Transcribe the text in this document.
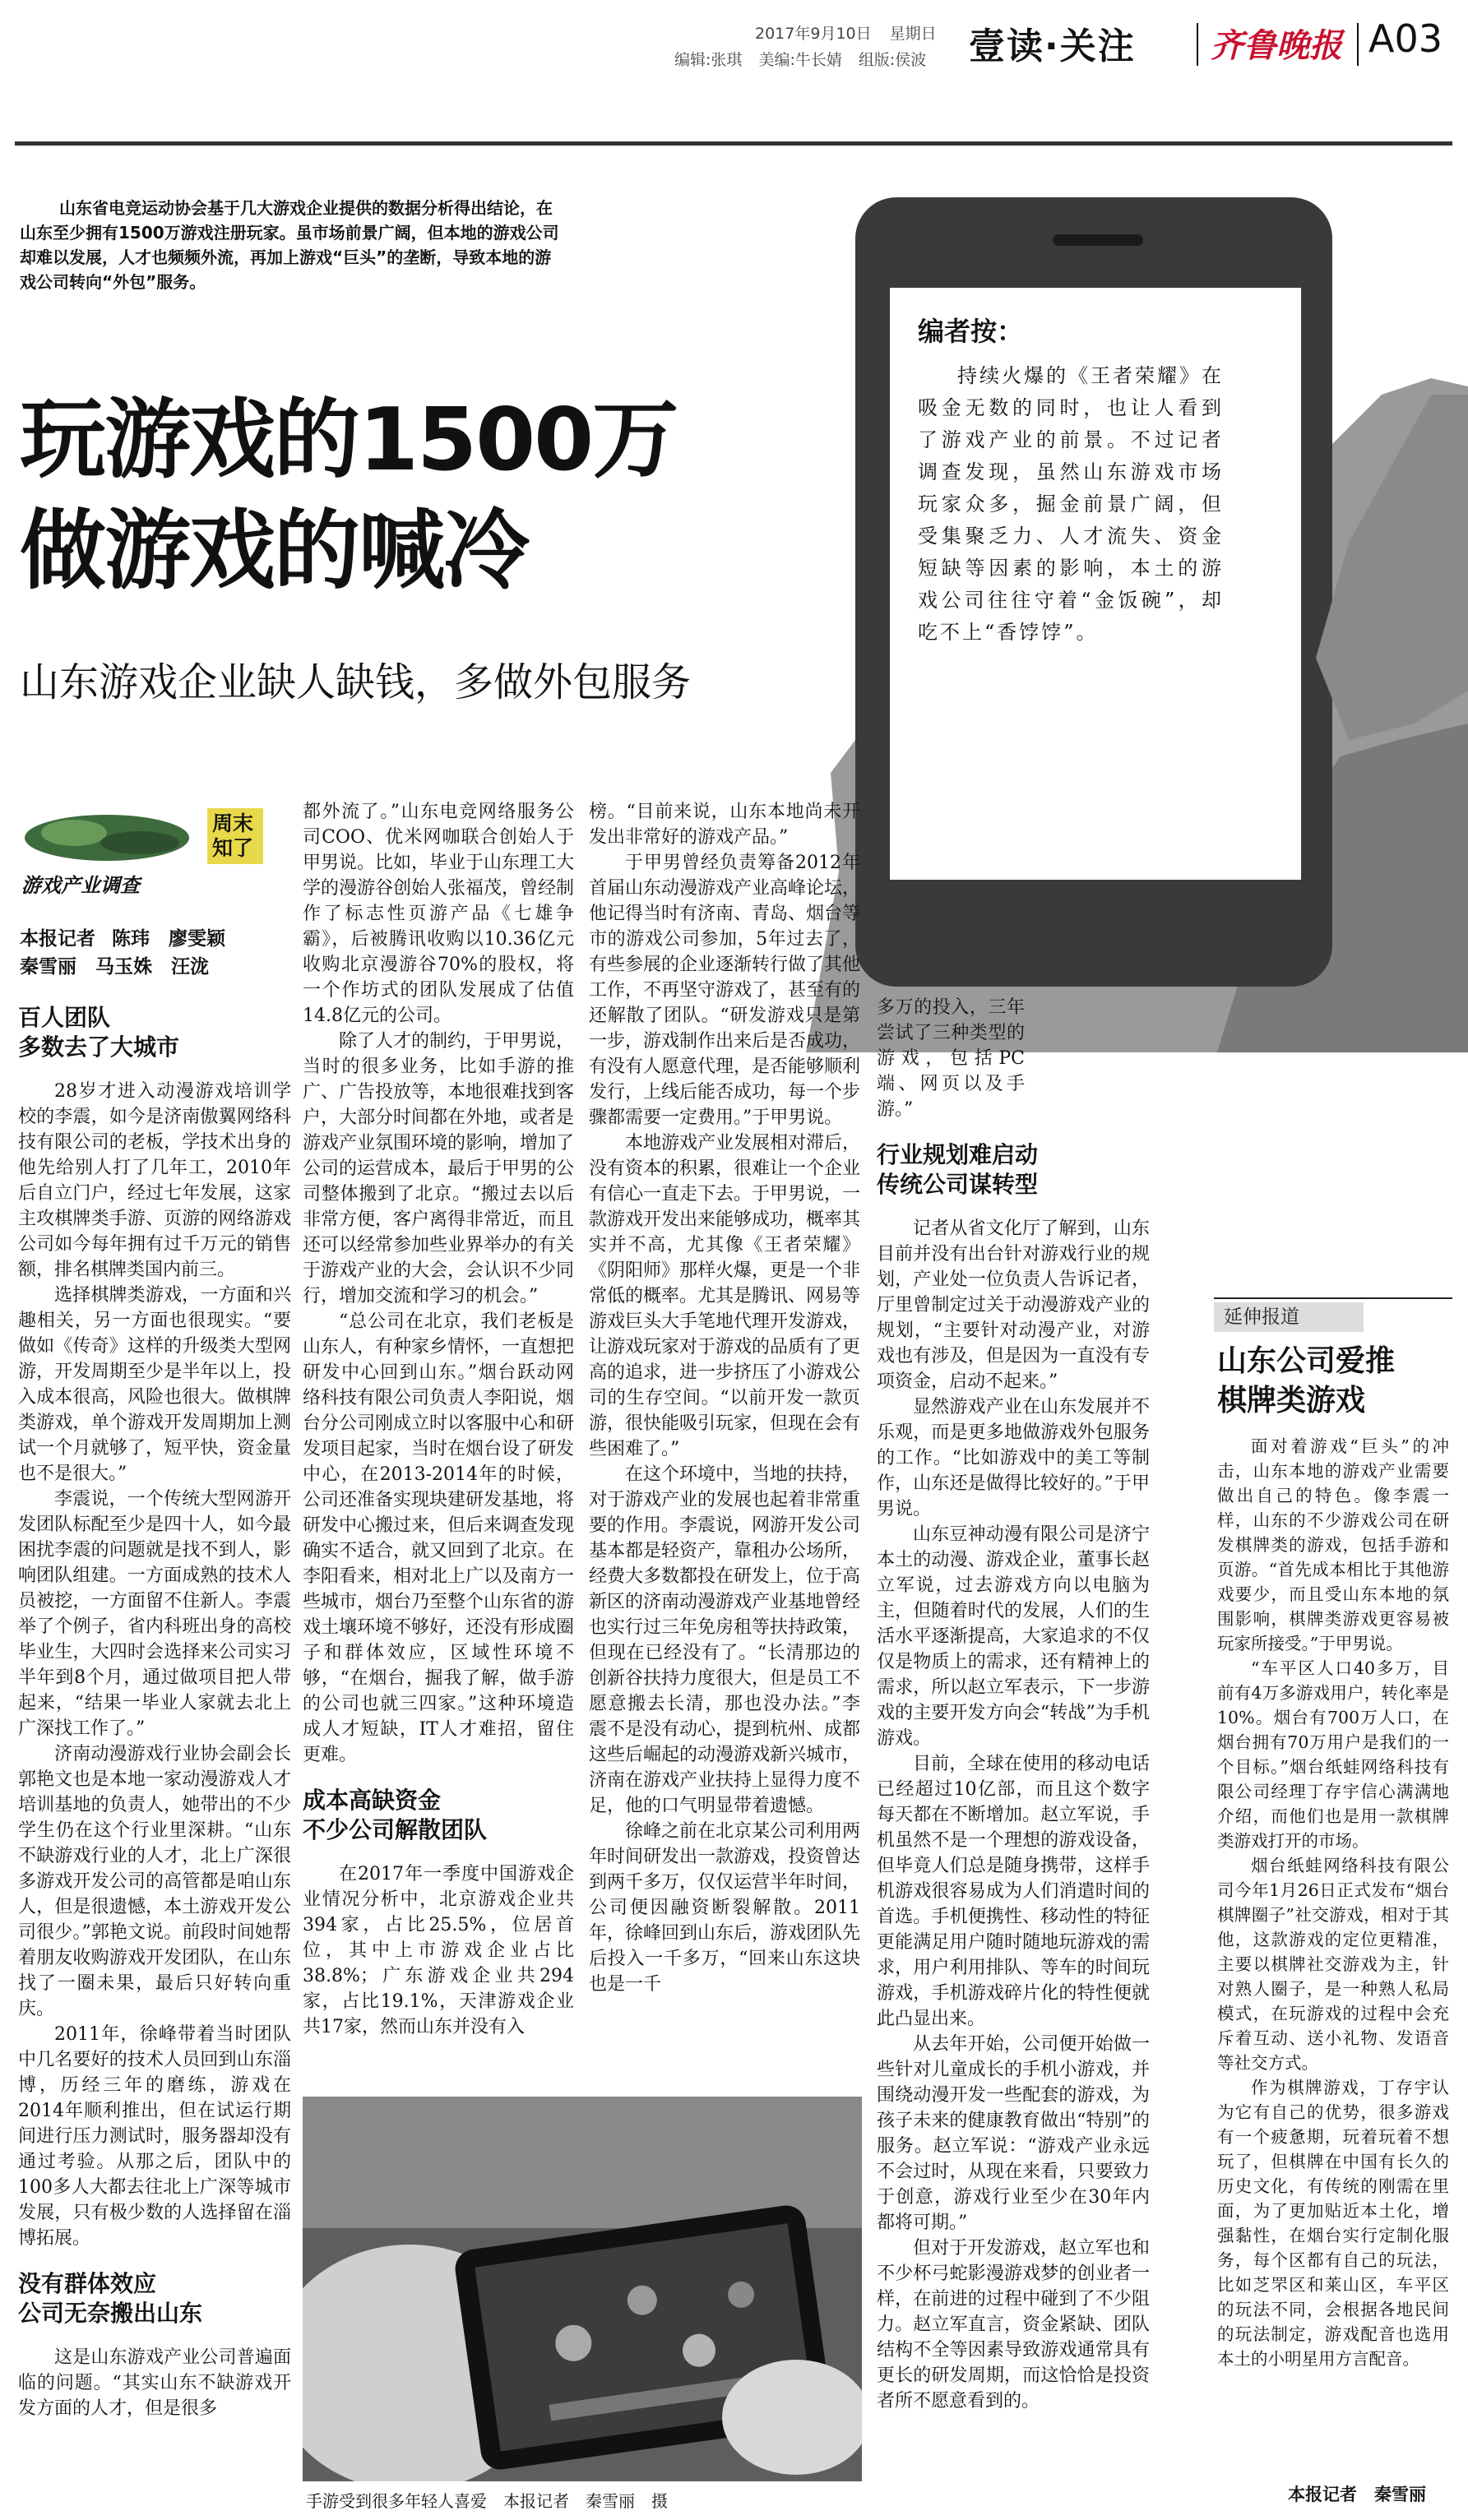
2017年9月10日 星期日
编辑:张琪 美编:牛长婧 组版:侯波 壹读·关注 齐鲁晚报 A03
山东省电竞运动协会基于几大游戏企业提供的数据分析得出结论，在山东至少拥有1500万游戏注册玩家。虽市场前景广阔，但本地的游戏公司却难以发展，人才也频频外流，再加上游戏“巨头”的垄断，导致本地的游戏公司转向“外包”服务。
玩游戏的1500万
做游戏的喊冷
山东游戏企业缺人缺钱，多做外包服务
编者按：
持续火爆的《王者荣耀》在吸金无数的同时，也让人看到了游戏产业的前景。不过记者调查发现，虽然山东游戏市场玩家众多，掘金前景广阔，但受集聚乏力、人才流失、资金短缺等因素的影响，本土的游戏公司往往守着“金饭碗”，却吃不上“香饽饽”。
周末知了
游戏产业调查
本报记者 陈玮　廖雯颖
秦雪丽　马玉姝　汪泷
百人团队
多数去了大城市

28岁才进入动漫游戏培训学校的李震，如今是济南傲翼网络科技有限公司的老板，学技术出身的他先给别人打了几年工，2010年后自立门户，经过七年发展，这家主攻棋牌类手游、页游的网络游戏公司如今每年拥有过千万元的销售额，排名棋牌类国内前三。

选择棋牌类游戏，一方面和兴趣相关，另一方面也很现实。“要做如《传奇》这样的升级类大型网游，开发周期至少是半年以上，投入成本很高，风险也很大。做棋牌类游戏，单个游戏开发周期加上测试一个月就够了，短平快，资金量也不是很大。”

李震说，一个传统大型网游开发团队标配至少是四十人，如今最困扰李震的问题就是找不到人，影响团队组建。一方面成熟的技术人员被挖，一方面留不住新人。李震举了个例子，省内科班出身的高校毕业生，大四时会选择来公司实习半年到8个月，通过做项目把人带起来，“结果一毕业人家就去北上广深找工作了。”

济南动漫游戏行业协会副会长郭艳文也是本地一家动漫游戏人才培训基地的负责人，她带出的不少学生仍在这个行业里深耕。“山东不缺游戏行业的人才，北上广深很多游戏开发公司的高管都是咱山东人，但是很遗憾，本土游戏开发公司很少。”郭艳文说。前段时间她帮着朋友收购游戏开发团队，在山东找了一圈未果，最后只好转向重庆。

2011年，徐峰带着当时团队中几名要好的技术人员回到山东淄博，历经三年的磨练，游戏在2014年顺利推出，但在试运行期间进行压力测试时，服务器却没有通过考验。从那之后，团队中的100多人大都去往北上广深等城市发展，只有极少数的人选择留在淄博拓展。

没有群体效应
公司无奈搬出山东

这是山东游戏产业公司普遍面临的问题。“其实山东不缺游戏开发方面的人才，但是很多

都外流了。”山东电竞网络服务公司COO、优米网咖联合创始人于甲男说。比如，毕业于山东理工大学的漫游谷创始人张福茂，曾经制作了标志性页游产品《七雄争霸》，后被腾讯收购以10.36亿元收购北京漫游谷70%的股权，将一个作坊式的团队发展成了估值14.8亿元的公司。

除了人才的制约，于甲男说，当时的很多业务，比如手游的推广、广告投放等，本地很难找到客户，大部分时间都在外地，或者是游戏产业氛围环境的影响，增加了公司的运营成本，最后于甲男的公司整体搬到了北京。“搬过去以后非常方便，客户离得非常近，而且还可以经常参加些业界举办的有关于游戏产业的大会，会认识不少同行，增加交流和学习的机会。”

“总公司在北京，我们老板是山东人，有种家乡情怀，一直想把研发中心回到山东。”烟台跃动网络科技有限公司负责人李阳说，烟台分公司刚成立时以客服中心和研发项目起家，当时在烟台设了研发中心，在2013-2014年的时候，公司还准备实现块建研发基地，将研发中心搬过来，但后来调查发现确实不适合，就又回到了北京。在李阳看来，相对北上广以及南方一些城市，烟台乃至整个山东省的游戏土壤环境不够好，还没有形成圈子和群体效应，区域性环境不够，“在烟台，掘我了解，做手游的公司也就三四家。”这种环境造成人才短缺，IT人才难招，留住更难。

成本高缺资金
不少公司解散团队

在2017年一季度中国游戏企业情况分析中，北京游戏企业共394家，占比25.5%，位居首位，其中上市游戏企业占比38.8%；广东游戏企业共294家，占比19.1%，天津游戏企业共17家，然而山东并没有入

榜。“目前来说，山东本地尚未开发出非常好的游戏产品。”

于甲男曾经负责筹备2012年首届山东动漫游戏产业高峰论坛，他记得当时有济南、青岛、烟台等市的游戏公司参加，5年过去了，有些参展的企业逐渐转行做了其他工作，不再坚守游戏了，甚至有的还解散了团队。“研发游戏只是第一步，游戏制作出来后是否成功，有没有人愿意代理，是否能够顺利发行，上线后能否成功，每一个步骤都需要一定费用。”于甲男说。

本地游戏产业发展相对滞后，没有资本的积累，很难让一个企业有信心一直走下去。于甲男说，一款游戏开发出来能够成功，概率其实并不高，尤其像《王者荣耀》《阴阳师》那样火爆，更是一个非常低的概率。尤其是腾讯、网易等游戏巨头大手笔地代理开发游戏，让游戏玩家对于游戏的品质有了更高的追求，进一步挤压了小游戏公司的生存空间。“以前开发一款页游，很快能吸引玩家，但现在会有些困难了。”

在这个环境中，当地的扶持，对于游戏产业的发展也起着非常重要的作用。李震说，网游开发公司基本都是轻资产，靠租办公场所，经费大多数都投在研发上，位于高新区的济南动漫游戏产业基地曾经也实行过三年免房租等扶持政策，但现在已经没有了。“长清那边的创新谷扶持力度很大，但是员工不愿意搬去长清，那也没办法。”李震不是没有动心，提到杭州、成都这些后崛起的动漫游戏新兴城市，济南在游戏产业扶持上显得力度不足，他的口气明显带着遗憾。

徐峰之前在北京某公司利用两年时间研发出一款游戏，投资曾达到两千多万，仅仅运营半年时间，公司便因融资断裂解散。2011年，徐峰回到山东后，游戏团队先后投入一千多万，“回来山东这块也是一千

多万的投入，三年尝试了三种类型的游戏，包括PC端、网页以及手游。”

行业规划难启动
传统公司谋转型

记者从省文化厅了解到，山东目前并没有出台针对游戏行业的规划，产业处一位负责人告诉记者，厅里曾制定过关于动漫游戏产业的规划，“主要针对动漫产业，对游戏也有涉及，但是因为一直没有专项资金，启动不起来。”

显然游戏产业在山东发展并不乐观，而是更多地做游戏外包服务的工作。“比如游戏中的美工等制作，山东还是做得比较好的。”于甲男说。

山东豆神动漫有限公司是济宁本土的动漫、游戏企业，董事长赵立军说，过去游戏方向以电脑为主，但随着时代的发展，人们的生活水平逐渐提高，大家追求的不仅仅是物质上的需求，还有精神上的需求，所以赵立军表示，下一步游戏的主要开发方向会“转战”为手机游戏。

目前，全球在使用的移动电话已经超过10亿部，而且这个数字每天都在不断增加。赵立军说，手机虽然不是一个理想的游戏设备，但毕竟人们总是随身携带，这样手机游戏很容易成为人们消遣时间的首选。手机便携性、移动性的特征更能满足用户随时随地玩游戏的需求，用户利用排队、等车的时间玩游戏，手机游戏碎片化的特性便就此凸显出来。

从去年开始，公司便开始做一些针对儿童成长的手机小游戏，并围绕动漫开发一些配套的游戏，为孩子未来的健康教育做出“特别”的服务。赵立军说：“游戏产业永远不会过时，从现在来看，只要致力于创意，游戏行业至少在30年内都将可期。”

但对于开发游戏，赵立军也和不少杯弓蛇影漫游戏梦的创业者一样，在前进的过程中碰到了不少阻力。赵立军直言，资金紧缺、团队结构不全等因素导致游戏通常具有更长的研发周期，而这恰恰是投资者所不愿意看到的。

延伸报道
山东公司爱推
棋牌类游戏

面对着游戏“巨头”的冲击，山东本地的游戏产业需要做出自己的特色。像李震一样，山东的不少游戏公司在研发棋牌类的游戏，包括手游和页游。“首先成本相比于其他游戏要少，而且受山东本地的氛围影响，棋牌类游戏更容易被玩家所接受。”于甲男说。

“车平区人口40多万，目前有4万多游戏用户，转化率是10%。烟台有700万人口，在烟台拥有70万用户是我们的一个目标。”烟台纸蛙网络科技有限公司经理丁存宇信心满满地介绍，而他们也是用一款棋牌类游戏打开的市场。

烟台纸蛙网络科技有限公司今年1月26日正式发布“烟台棋牌圈子”社交游戏，相对于其他，这款游戏的定位更精准，主要以棋牌社交游戏为主，针对熟人圈子，是一种熟人私局模式，在玩游戏的过程中会充斥着互动、送小礼物、发语音等社交方式。

作为棋牌游戏，丁存宇认为它有自己的优势，很多游戏有一个疲惫期，玩着玩着不想玩了，但棋牌在中国有长久的历史文化，有传统的刚需在里面，为了更加贴近本土化，增强黏性，在烟台实行定制化服务，每个区都有自己的玩法，比如芝罘区和莱山区，车平区的玩法不同，会根据各地民间的玩法制定，游戏配音也选用本土的小明星用方言配音。

本报记者　秦雪丽
手游受到很多年轻人喜爱　本报记者　秦雪丽　摄
